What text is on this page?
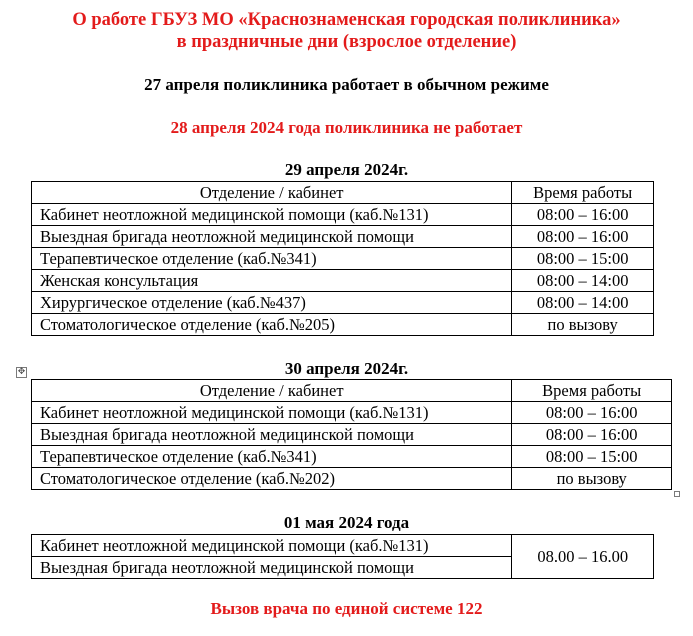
О работе ГБУЗ МО «Краснознаменская городская поликлиника»
в праздничные дни (взрослое отделение)
27 апреля поликлиника работает в обычном режиме
28 апреля 2024 года поликлиника не работает
29 апреля 2024г.
Отделение / кабинет	Время работы
Кабинет неотложной медицинской помощи (каб.№131)	08:00 – 16:00
Выездная бригада неотложной медицинской помощи	08:00 – 16:00
Терапевтическое отделение (каб.№341)	08:00 – 15:00
Женская консультация	08:00 – 14:00
Хирургическое отделение (каб.№437)	08:00 – 14:00
Стоматологическое отделение (каб.№205)	по вызову
✥	30 апреля 2024г.
Отделение / кабинет	Время работы
Кабинет неотложной медицинской помощи (каб.№131)	08:00 – 16:00
Выездная бригада неотложной медицинской помощи	08:00 – 16:00
Терапевтическое отделение (каб.№341)	08:00 – 15:00
Стоматологическое отделение (каб.№202)	по вызову
01 мая 2024 года
Кабинет неотложной медицинской помощи (каб.№131)	08.00 – 16.00
Выездная бригада неотложной медицинской помощи
Вызов врача по единой системе 122
